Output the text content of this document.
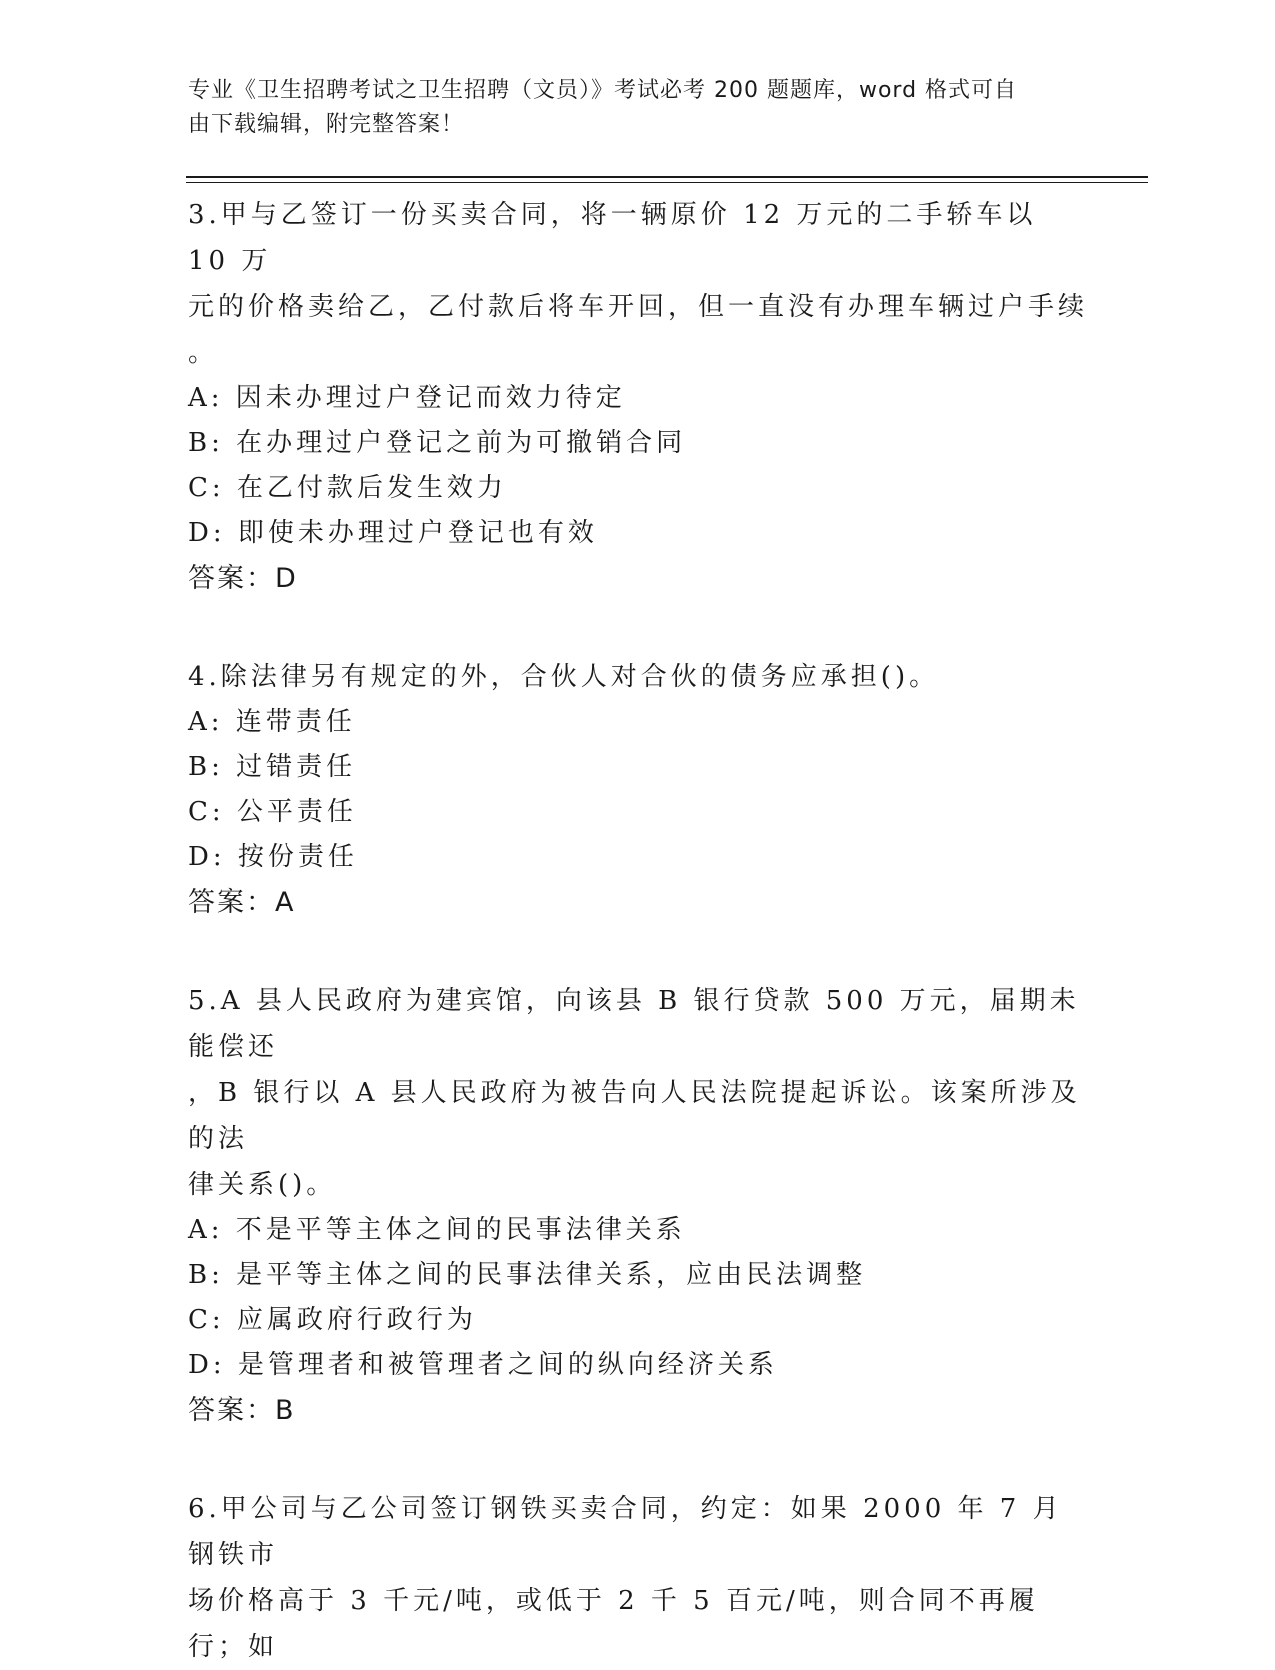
专业《卫生招聘考试之卫生招聘（文员）》考试必考 200 题题库，word 格式可自
由下载编辑，附完整答案！
3.甲与乙签订一份买卖合同，将一辆原价 12 万元的二手轿车以 10 万
元的价格卖给乙，乙付款后将车开回，但一直没有办理车辆过户手续
。
A: 因未办理过户登记而效力待定
B: 在办理过户登记之前为可撤销合同
C: 在乙付款后发生效力
D: 即使未办理过户登记也有效
答案：D
4.除法律另有规定的外，合伙人对合伙的债务应承担()。
A: 连带责任
B: 过错责任
C: 公平责任
D: 按份责任
答案：A
5.A 县人民政府为建宾馆，向该县 B 银行贷款 500 万元，届期未能偿还
，B 银行以 A 县人民政府为被告向人民法院提起诉讼。该案所涉及的法
律关系()。
A: 不是平等主体之间的民事法律关系
B: 是平等主体之间的民事法律关系，应由民法调整
C: 应属政府行政行为
D: 是管理者和被管理者之间的纵向经济关系
答案：B
6.甲公司与乙公司签订钢铁买卖合同，约定：如果 2000 年 7 月钢铁市
场价格高于 3 千元/吨，或低于 2 千 5 百元/吨，则合同不再履行；如
